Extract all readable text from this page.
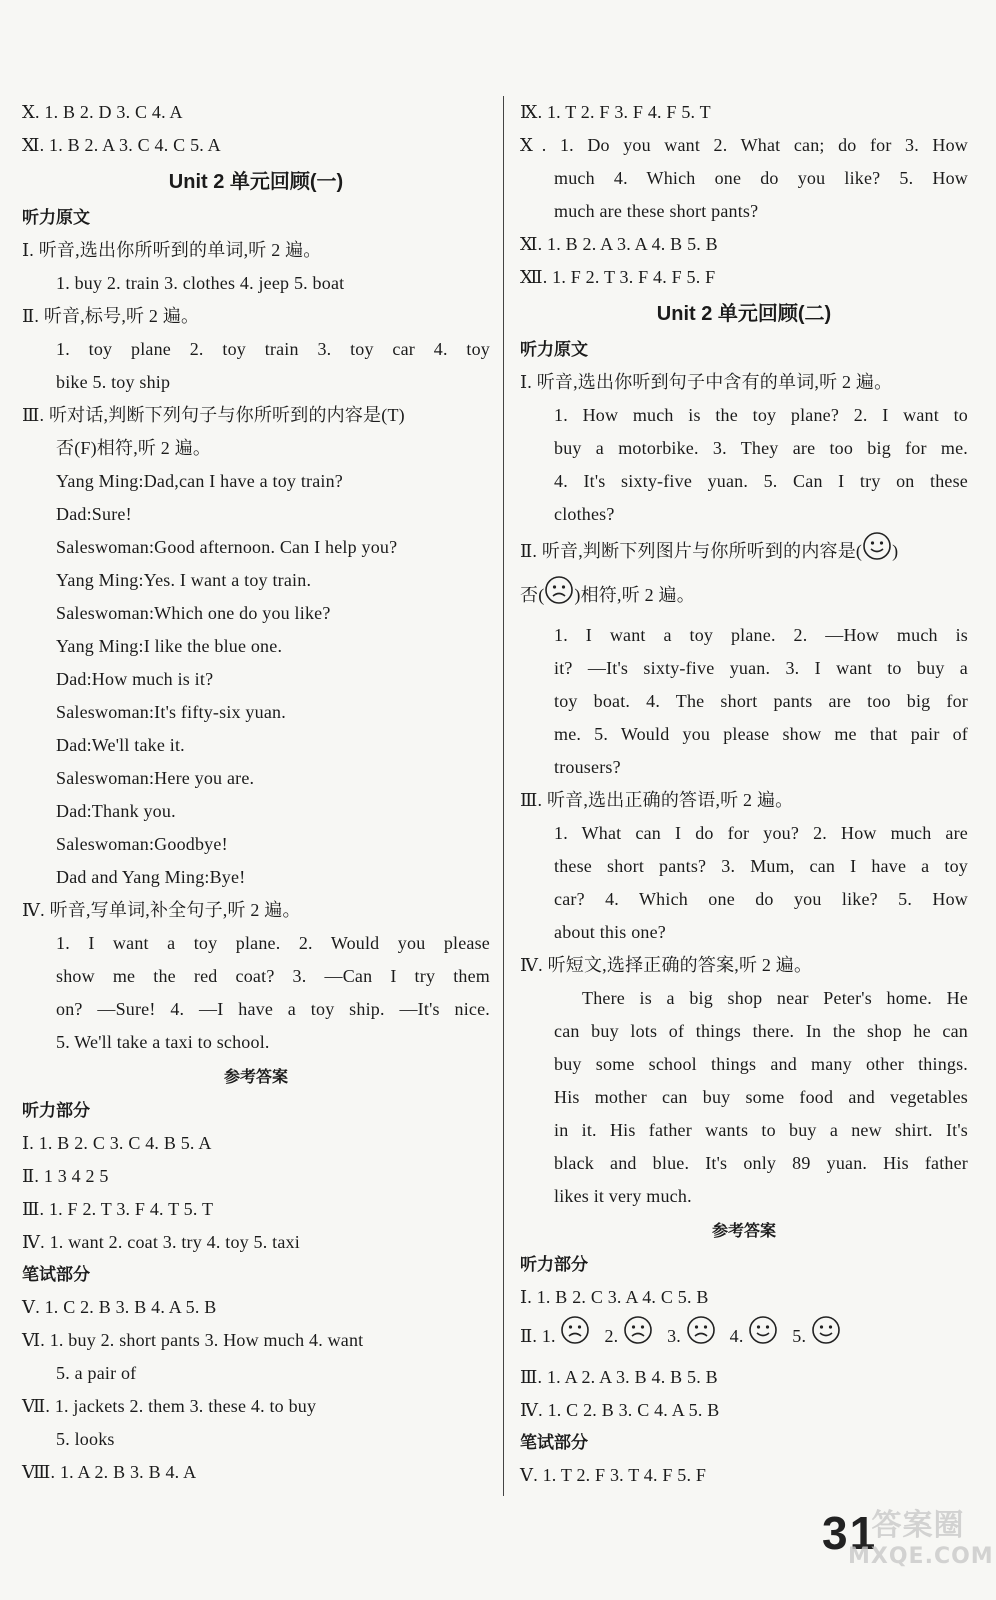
Ⅹ. 1. B 2. D 3. C 4. A
Ⅺ. 1. B 2. A 3. C 4. C 5. A
Unit 2 单元回顾(一)
听力原文
Ⅰ. 听音,选出你所听到的单词,听 2 遍。
1. buy 2. train 3. clothes 4. jeep 5. boat
Ⅱ. 听音,标号,听 2 遍。
1. toy plane 2. toy train 3. toy car 4. toy
bike 5. toy ship
Ⅲ. 听对话,判断下列句子与你所听到的内容是(T)
否(F)相符,听 2 遍。
Yang Ming:Dad,can I have a toy train?
Dad:Sure!
Saleswoman:Good afternoon. Can I help you?
Yang Ming:Yes. I want a toy train.
Saleswoman:Which one do you like?
Yang Ming:I like the blue one.
Dad:How much is it?
Saleswoman:It's fifty-six yuan.
Dad:We'll take it.
Saleswoman:Here you are.
Dad:Thank you.
Saleswoman:Goodbye!
Dad and Yang Ming:Bye!
Ⅳ. 听音,写单词,补全句子,听 2 遍。
1. I want a toy plane. 2. Would you please
show me the red coat? 3. —Can I try them
on? —Sure! 4. —I have a toy ship. —It's nice.
5. We'll take a taxi to school.
参考答案
听力部分
Ⅰ. 1. B 2. C 3. C 4. B 5. A
Ⅱ. 1 3 4 2 5
Ⅲ. 1. F 2. T 3. F 4. T 5. T
Ⅳ. 1. want 2. coat 3. try 4. toy 5. taxi
笔试部分
Ⅴ. 1. C 2. B 3. B 4. A 5. B
Ⅵ. 1. buy 2. short pants 3. How much 4. want
5. a pair of
Ⅶ. 1. jackets 2. them 3. these 4. to buy
5. looks
Ⅷ. 1. A 2. B 3. B 4. A
Ⅸ. 1. T 2. F 3. F 4. F 5. T
Ⅹ. 1. Do you want 2. What can; do for 3. How
much 4. Which one do you like? 5. How
much are these short pants?
Ⅺ. 1. B 2. A 3. A 4. B 5. B
Ⅻ. 1. F 2. T 3. F 4. F 5. F
Unit 2 单元回顾(二)
听力原文
Ⅰ. 听音,选出你听到句子中含有的单词,听 2 遍。
1. How much is the toy plane? 2. I want to
buy a motorbike. 3. They are too big for me.
4. It's sixty-five yuan. 5. Can I try on these
clothes?
Ⅱ. 听音,判断下列图片与你所听到的内容是( )
否( )相符,听 2 遍。
1. I want a toy plane. 2. —How much is
it? —It's sixty-five yuan. 3. I want to buy a
toy boat. 4. The short pants are too big for
me. 5. Would you please show me that pair of
trousers?
Ⅲ. 听音,选出正确的答语,听 2 遍。
1. What can I do for you? 2. How much are
these short pants? 3. Mum, can I have a toy
car? 4. Which one do you like? 5. How
about this one?
Ⅳ. 听短文,选择正确的答案,听 2 遍。
There is a big shop near Peter's home. He
can buy lots of things there. In the shop he can
buy some school things and many other things.
His mother can buy some food and vegetables
in it. His father wants to buy a new shirt. It's
black and blue. It's only 89 yuan. His father
likes it very much.
参考答案
听力部分
Ⅰ. 1. B 2. C 3. A 4. C 5. B
Ⅱ. 1. 2. 3. 4. 5.
Ⅲ. 1. A 2. A 3. B 4. B 5. B
Ⅳ. 1. C 2. B 3. C 4. A 5. B
笔试部分
Ⅴ. 1. T 2. F 3. T 4. F 5. F
31
答案圈
MXQE.COM
